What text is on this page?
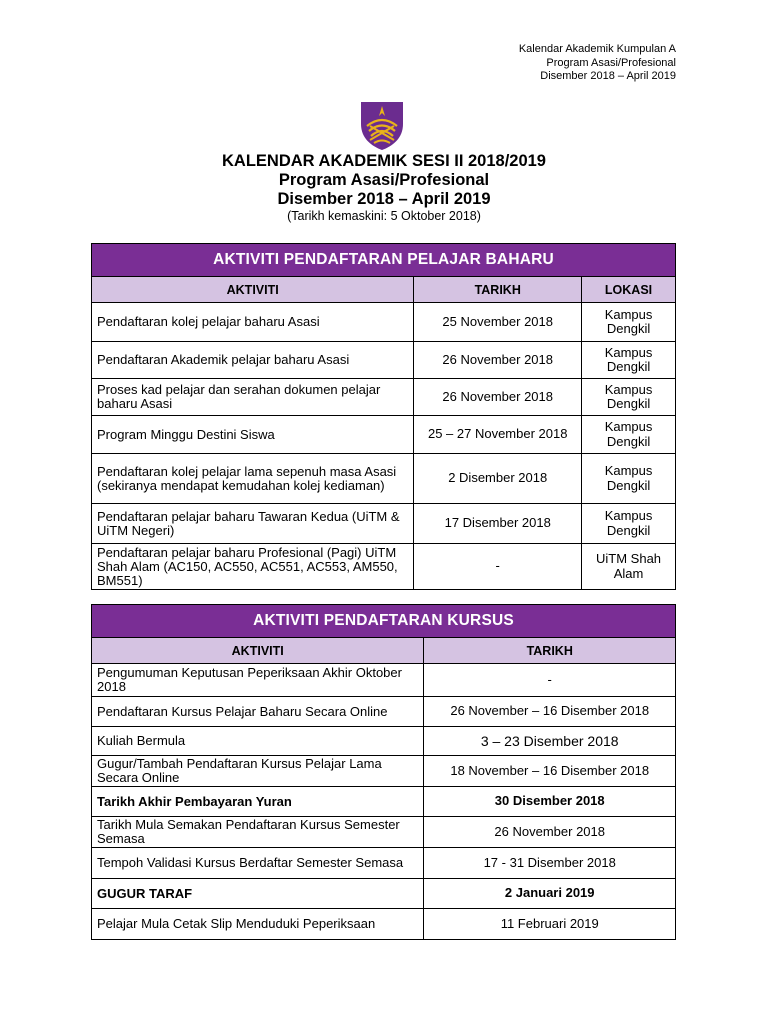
Kalendar Akademik Kumpulan A
Program Asasi/Profesional
Disember 2018 – April 2019
KALENDAR AKADEMIK SESI II 2018/2019
Program Asasi/Profesional
Disember 2018 – April 2019
(Tarikh kemaskini: 5 Oktober 2018)
AKTIVITI PENDAFTARAN PELAJAR BAHARU		
AKTIVITI	TARIKH	LOKASI
Pendaftaran kolej pelajar baharu Asasi	25 November 2018	Kampus Dengkil
Pendaftaran Akademik pelajar baharu Asasi	26 November 2018	Kampus Dengkil
Proses kad pelajar dan serahan dokumen pelajar baharu Asasi	26 November 2018	Kampus Dengkil
Program Minggu Destini Siswa	25 – 27 November 2018	Kampus Dengkil
Pendaftaran kolej pelajar lama sepenuh masa Asasi (sekiranya mendapat kemudahan kolej kediaman)	2 Disember 2018	Kampus Dengkil
Pendaftaran pelajar baharu Tawaran Kedua (UiTM & UiTM Negeri)	17 Disember 2018	Kampus Dengkil
Pendaftaran pelajar baharu Profesional (Pagi) UiTM Shah Alam (AC150, AC550, AC551, AC553, AM550, BM551)	-	UiTM Shah Alam
AKTIVITI PENDAFTARAN KURSUS	
AKTIVITI	TARIKH
Pengumuman Keputusan Peperiksaan Akhir Oktober 2018	-
Pendaftaran Kursus Pelajar Baharu Secara Online	26 November – 16 Disember 2018
Kuliah Bermula	3 – 23 Disember 2018
Gugur/Tambah Pendaftaran Kursus Pelajar Lama Secara Online	18 November – 16 Disember 2018
Tarikh Akhir Pembayaran Yuran	30 Disember 2018
Tarikh Mula Semakan Pendaftaran Kursus Semester Semasa	26 November 2018
Tempoh Validasi Kursus Berdaftar Semester Semasa	17 - 31 Disember 2018
GUGUR TARAF	2 Januari 2019
Pelajar Mula Cetak Slip Menduduki Peperiksaan	11 Februari 2019
